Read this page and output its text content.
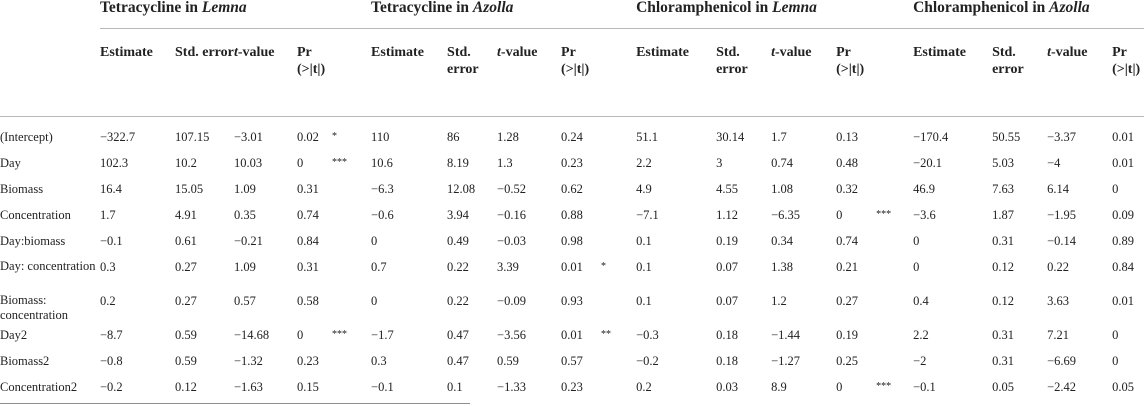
	Tetracycline in Lemna					Tetracycline in Azolla					Chloramphenicol in Lemna					Chloramphenicol in Azolla			
	Estimate	Std. error	t-value	Pr (>|t|)		Estimate	Std. error	t-value	Pr (>|t|)		Estimate	Std. error	t-value	Pr (>|t|)		Estimate	Std. error	t-value	Pr (>|t|)

(Intercept)	−322.7	107.15	−3.01	0.02	*	110	86	1.28	0.24		51.1	30.14	1.7	0.13		−170.4	50.55	−3.37	0.01
Day	102.3	10.2	10.03	0	***	10.6	8.19	1.3	0.23		2.2	3	0.74	0.48		−20.1	5.03	−4	0.01
Biomass	16.4	15.05	1.09	0.31		−6.3	12.08	−0.52	0.62		4.9	4.55	1.08	0.32		46.9	7.63	6.14	0
Concentration	1.7	4.91	0.35	0.74		−0.6	3.94	−0.16	0.88		−7.1	1.12	−6.35	0	***	−3.6	1.87	−1.95	0.09
Day:biomass	−0.1	0.61	−0.21	0.84		0	0.49	−0.03	0.98		0.1	0.19	0.34	0.74		0	0.31	−0.14	0.89
Day: concentration	0.3	0.27	1.09	0.31		0.7	0.22	3.39	0.01	*	0.1	0.07	1.38	0.21		0	0.12	0.22	0.84
Biomass: concentration	0.2	0.27	0.57	0.58		0	0.22	−0.09	0.93		0.1	0.07	1.2	0.27		0.4	0.12	3.63	0.01
Day2	−8.7	0.59	−14.68	0	***	−1.7	0.47	−3.56	0.01	**	−0.3	0.18	−1.44	0.19		2.2	0.31	7.21	0
Biomass2	−0.8	0.59	−1.32	0.23		0.3	0.47	0.59	0.57		−0.2	0.18	−1.27	0.25		−2	0.31	−6.69	0
Concentration2	−0.2	0.12	−1.63	0.15		−0.1	0.1	−1.33	0.23		0.2	0.03	8.9	0	***	−0.1	0.05	−2.42	0.05
